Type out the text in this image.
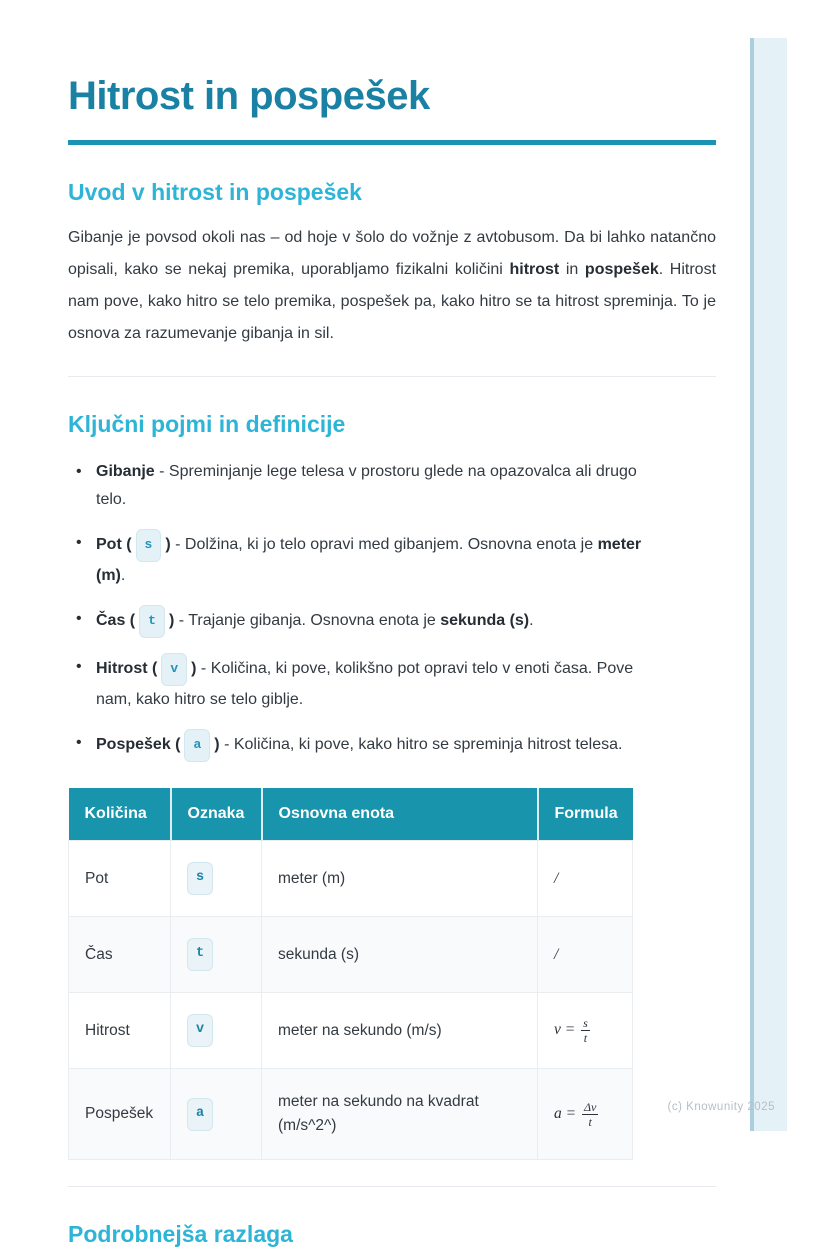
Hitrost in pospešek
Uvod v hitrost in pospešek

Gibanje je povsod okoli nas – od hoje v šolo do vožnje z avtobusom. Da bi lahko natančno opisali, kako se nekaj premika, uporabljamo fizikalni količini hitrost in pospešek. Hitrost nam pove, kako hitro se telo premika, pospešek pa, kako hitro se ta hitrost spreminja. To je osnova za razumevanje gibanja in sil.

Ključni pojmi in definicije
• Gibanje - Spreminjanje lege telesa v prostoru glede na opazovalca ali drugo telo.
• Pot ( s ) - Dolžina, ki jo telo opravi med gibanjem. Osnovna enota je meter (m).
• Čas ( t ) - Trajanje gibanja. Osnovna enota je sekunda (s).
• Hitrost ( v ) - Količina, ki pove, kolikšno pot opravi telo v enoti časa. Pove nam, kako hitro se telo giblje.
• Pospešek ( a ) - Količina, ki pove, kako hitro se spreminja hitrost telesa.
Količina	Oznaka	Osnovna enota	Formula
Pot	s	meter (m)	/
Čas	t	sekunda (s)	/
Hitrost	v	meter na sekundo (m/s)	$v = \frac{s}{t}$

Pospešek	a	meter na sekundo na kvadrat (m/s^2^)	$a = \frac{\Delta v}{t}$
Podrobnejša razlaga
(c) Knowunity 2025
